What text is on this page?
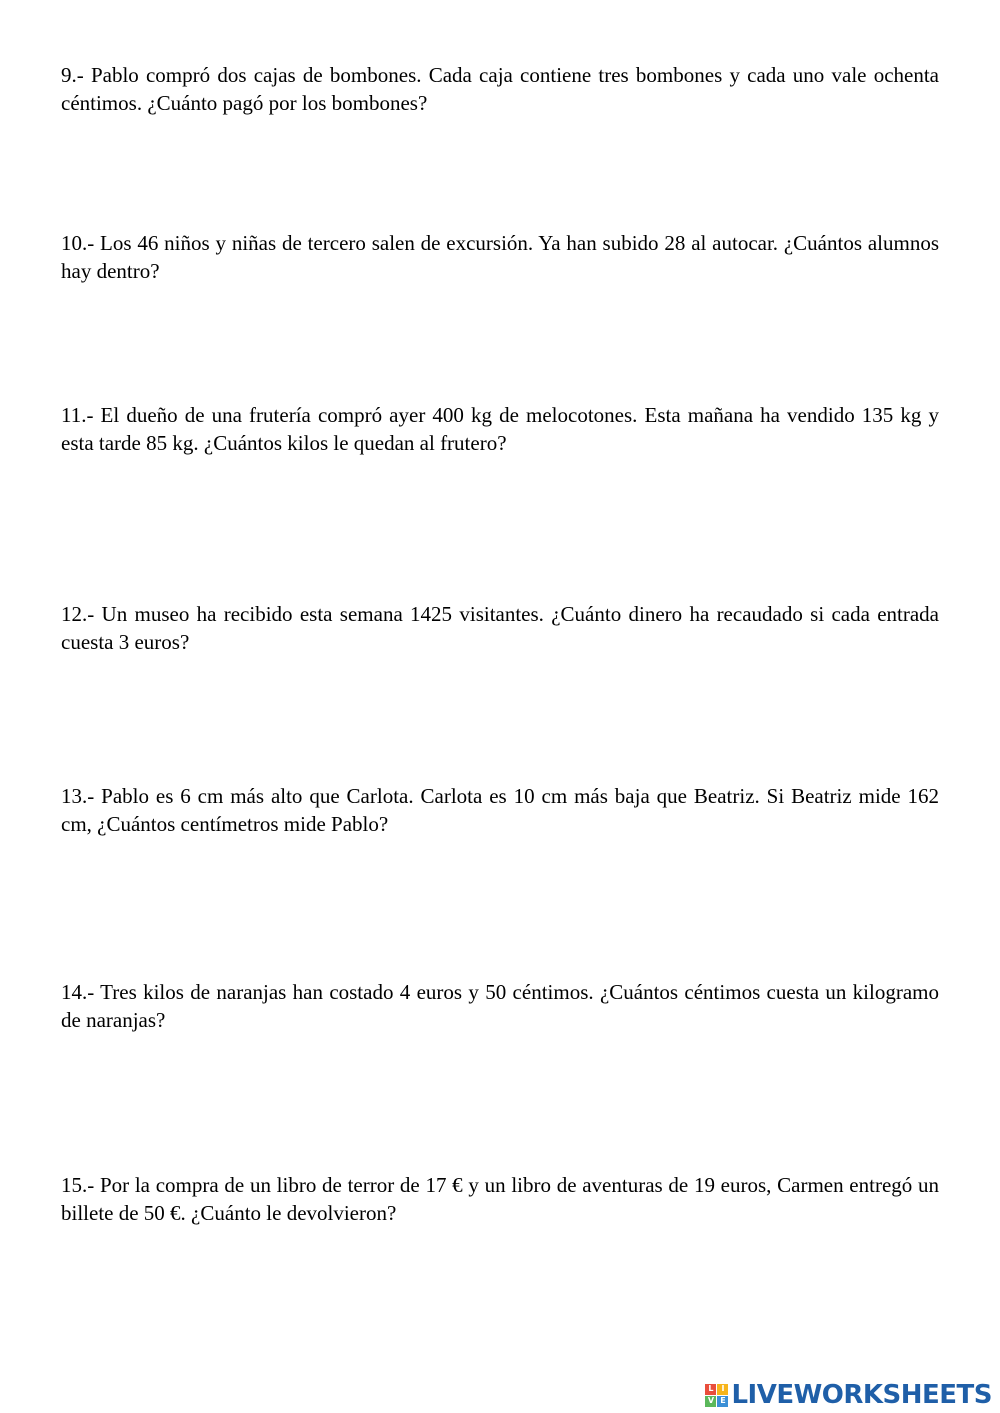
9.- Pablo compró dos cajas de bombones. Cada caja contiene tres bombones y cada uno vale ochenta céntimos. ¿Cuánto pagó por los bombones?

10.- Los 46 niños y niñas de tercero salen de excursión. Ya han subido 28 al autocar. ¿Cuántos alumnos hay dentro?

11.- El dueño de una frutería compró ayer 400 kg de melocotones. Esta mañana ha vendido 135 kg y esta tarde 85 kg. ¿Cuántos kilos le quedan al frutero?

12.- Un museo ha recibido esta semana 1425 visitantes. ¿Cuánto dinero ha recaudado si cada entrada cuesta 3 euros?

13.- Pablo es 6 cm más alto que Carlota. Carlota es 10 cm más baja que Beatriz. Si Beatriz mide 162 cm, ¿Cuántos centímetros mide Pablo?

14.- Tres kilos de naranjas han costado 4 euros y 50 céntimos. ¿Cuántos céntimos cuesta un kilogramo de naranjas?

15.- Por la compra de un libro de terror de 17 € y un libro de aventuras de 19 euros, Carmen entregó un billete de 50 €. ¿Cuánto le devolvieron?

L I
V E LIVEWORKSHEETS
